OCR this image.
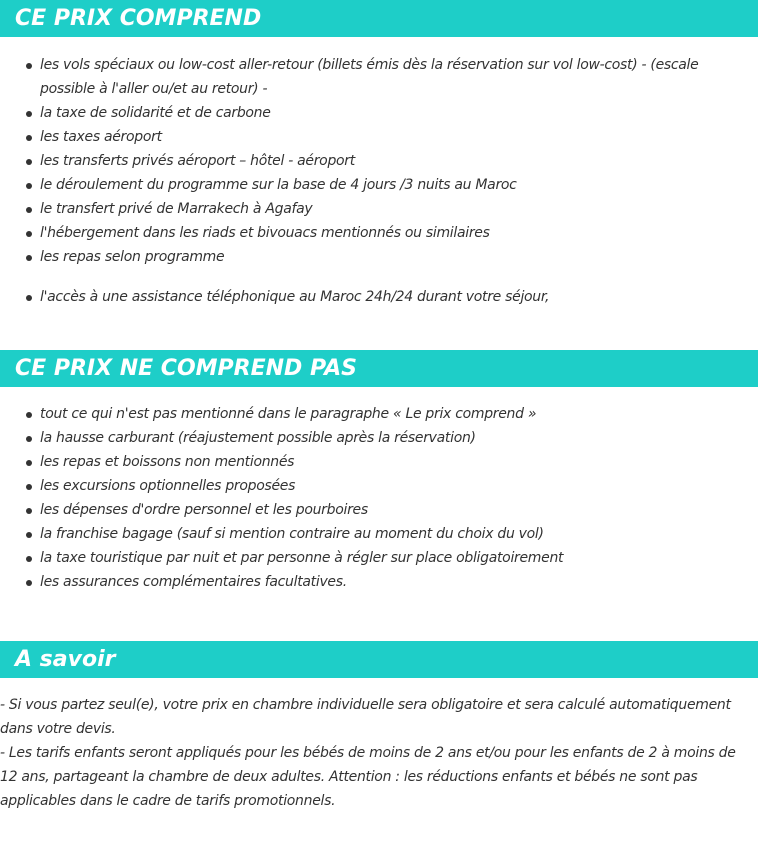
CE PRIX COMPREND
les vols spéciaux ou low-cost aller-retour (billets émis dès la réservation sur vol low-cost) - (escale possible à l'aller ou/et au retour) -
la taxe de solidarité et de carbone
les taxes aéroport
les transferts privés aéroport – hôtel - aéroport
le déroulement du programme sur la base de 4 jours /3 nuits au Maroc
le transfert privé de Marrakech à Agafay
l'hébergement dans les riads et bivouacs mentionnés ou similaires
les repas selon programme
l'accès à une assistance téléphonique au Maroc 24h/24 durant votre séjour,
CE PRIX NE COMPREND PAS
tout ce qui n'est pas mentionné dans le paragraphe « Le prix comprend »
la hausse carburant (réajustement possible après la réservation)
les repas et boissons non mentionnés
les excursions optionnelles proposées
les dépenses d'ordre personnel et les pourboires
la franchise bagage (sauf si mention contraire au moment du choix du vol)
la taxe touristique par nuit et par personne à régler sur place obligatoirement
les assurances complémentaires facultatives.
A savoir

- Si vous partez seul(e), votre prix en chambre individuelle sera obligatoire et sera calculé automatiquement dans votre devis.

- Les tarifs enfants seront appliqués pour les bébés de moins de 2 ans et/ou pour les enfants de 2 à moins de 12 ans, partageant la chambre de deux adultes. Attention : les réductions enfants et bébés ne sont pas applicables dans le cadre de tarifs promotionnels.
